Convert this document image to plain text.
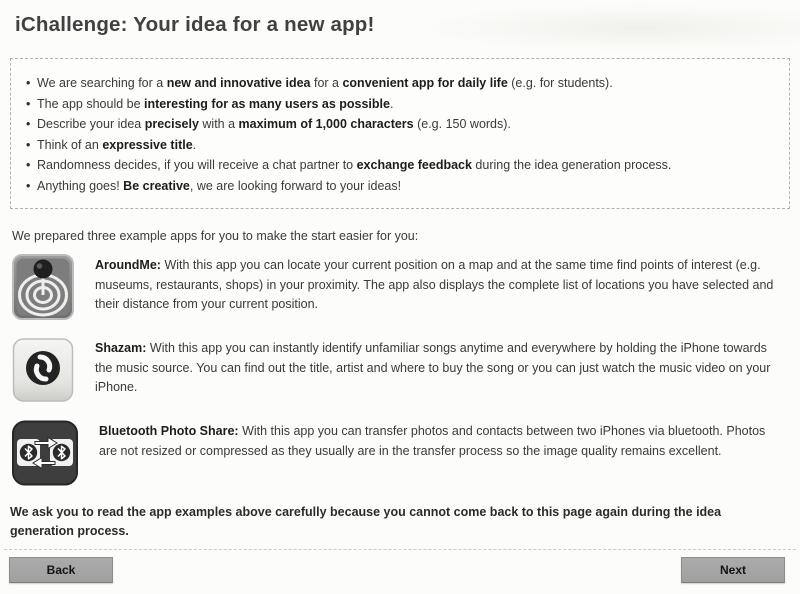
iChallenge: Your idea for a new app!
• We are searching for a new and innovative idea for a convenient app for daily life (e.g. for students).
• The app should be interesting for as many users as possible.
• Describe your idea precisely with a maximum of 1,000 characters (e.g. 150 words).
• Think of an expressive title.
• Randomness decides, if you will receive a chat partner to exchange feedback during the idea generation process.
• Anything goes! Be creative, we are looking forward to your ideas!
We prepared three example apps for you to make the start easier for you:
AroundMe: With this app you can locate your current position on a map and at the same time find points of interest (e.g. museums, restaurants, shops) in your proximity. The app also displays the complete list of locations you have selected and their distance from your current position.
Shazam: With this app you can instantly identify unfamiliar songs anytime and everywhere by holding the iPhone towards the music source. You can find out the title, artist and where to buy the song or you can just watch the music video on your iPhone.
Bluetooth Photo Share: With this app you can transfer photos and contacts between two iPhones via bluetooth. Photos are not resized or compressed as they usually are in the transfer process so the image quality remains excellent.
We ask you to read the app examples above carefully because you cannot come back to this page again during the idea generation process.
Back	Next
